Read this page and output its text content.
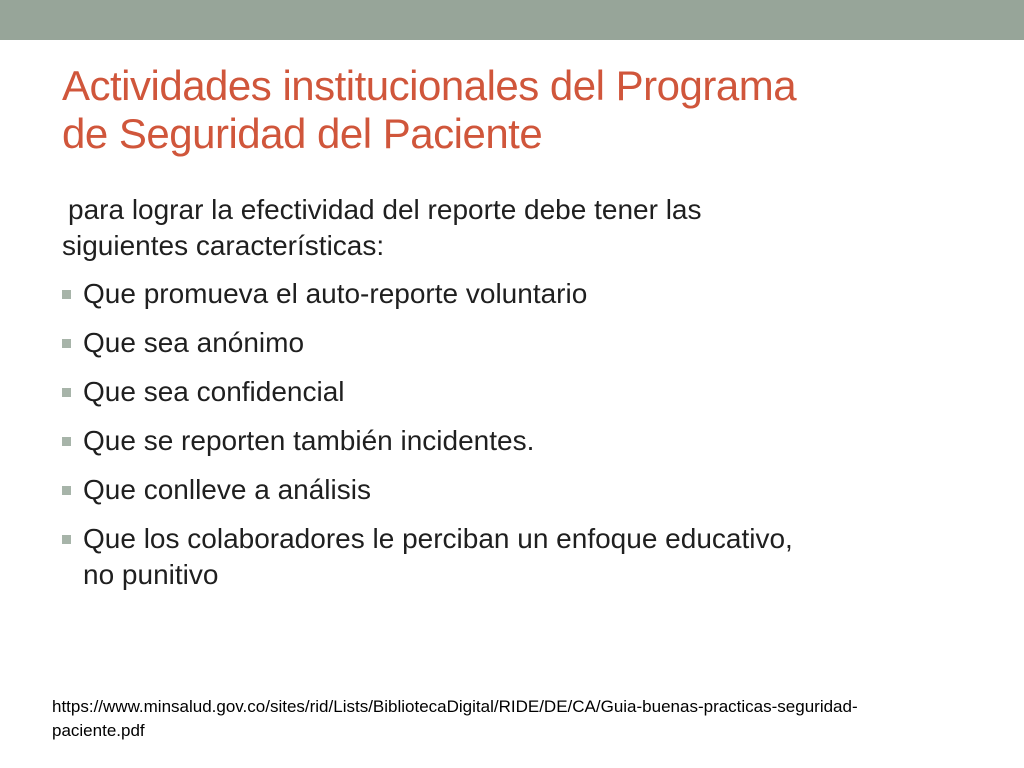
Actividades institucionales del Programa
de Seguridad del Paciente

para lograr la efectividad del reporte debe tener las
siguientes características:

Que promueva el auto-reporte voluntario
Que sea anónimo
Que sea confidencial
Que se reporten también incidentes.
Que conlleve a análisis
Que los colaboradores le perciban un enfoque educativo,
no punitivo
https://www.minsalud.gov.co/sites/rid/Lists/BibliotecaDigital/RIDE/DE/CA/Guia-buenas-practicas-seguridad-
paciente.pdf
